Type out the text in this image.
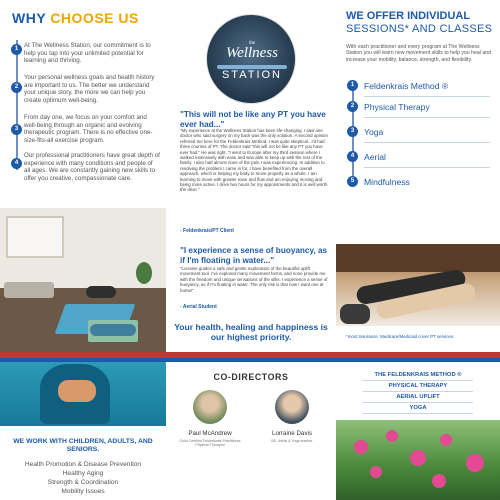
WHY CHOOSE US
1 At The Wellness Station, our commitment is to help you tap into your unlimited potential for learning and thriving.
2
Your personal wellness goals and health history are important to us. The better we understand your unique story, the more we can help you create optimum well-being.
3
From day one, we focus on your comfort and well-being through an organic and evolving therapeutic program. There is no effective one-size-fits-all exercise program.
4
Our professional practitioners have great depth of experience with many conditions and people of all ages. We are constantly gaining new skills to offer you creative, compassionate care.
the
Wellness
STATION
"This will not be like any PT you have ever had..."
"My experience at the Wellness Station has been life-changing. I saw one doctor who said surgery on my back was the only solution. A second opinion referred me here for the Feldenkrais Method. I was quite skeptical...I'd had three courses of PT. The doctor said "this will not be like any PT you have ever had." He was right. "I went to Europe after my third session where I walked extensively with ease and was able to keep up with the rest of the family. I also had almost none of the pain I was experiencing. In addition to resolving the problem I came in for, I have benefited from the overall approach, which is helping my body to move properly as a whole. I am learning to move with greater ease and flow and am enjoying moving and being more active. I drive two hours for my appointments and it is well worth the drive."
- Feldenkrais/PT Client
"I experience a sense of buoyancy, as if I'm floating in water..."
"Lorraine guides a safe and gentle exploration of the beautiful uplift movement tool. I've explored many movement forms, and none provide me with the freedom and unique sensations of the silks. I experience a sense of buoyancy, as if I'm floating in water. The only risk is that now I want one at home!"
- Aerial Student
Your health, healing and happiness is our highest priority.
WE OFFER INDIVIDUAL
SESSIONS* AND CLASSES
With each practitioner and every program at The Wellness Station you will learn new movement skills to help you heal and increase your mobility, balance, strength, and flexibility.
1	Feldenkrais Method ®
2	Physical Therapy
3	Yoga
4	Aerial
5	Mindfulness
*most Insurance, Medicare/Medicaid cover PT services.
WE WORK WITH CHILDREN, ADULTS, AND SENIORS.
Health Promotion & Disease Prevention
Healthy Aging
Strength & Coordination
Mobility Issues
CO-DIRECTORS
Paul McAndrew
Guild Certified Feldenkrais Practitioner Physical Therapist
Lorraine Davis
BS, Aerial & Yoga teacher
THE FELDENKRAIS METHOD ®
PHYSICAL THERAPY
AERIAL UPLIFT
YOGA
